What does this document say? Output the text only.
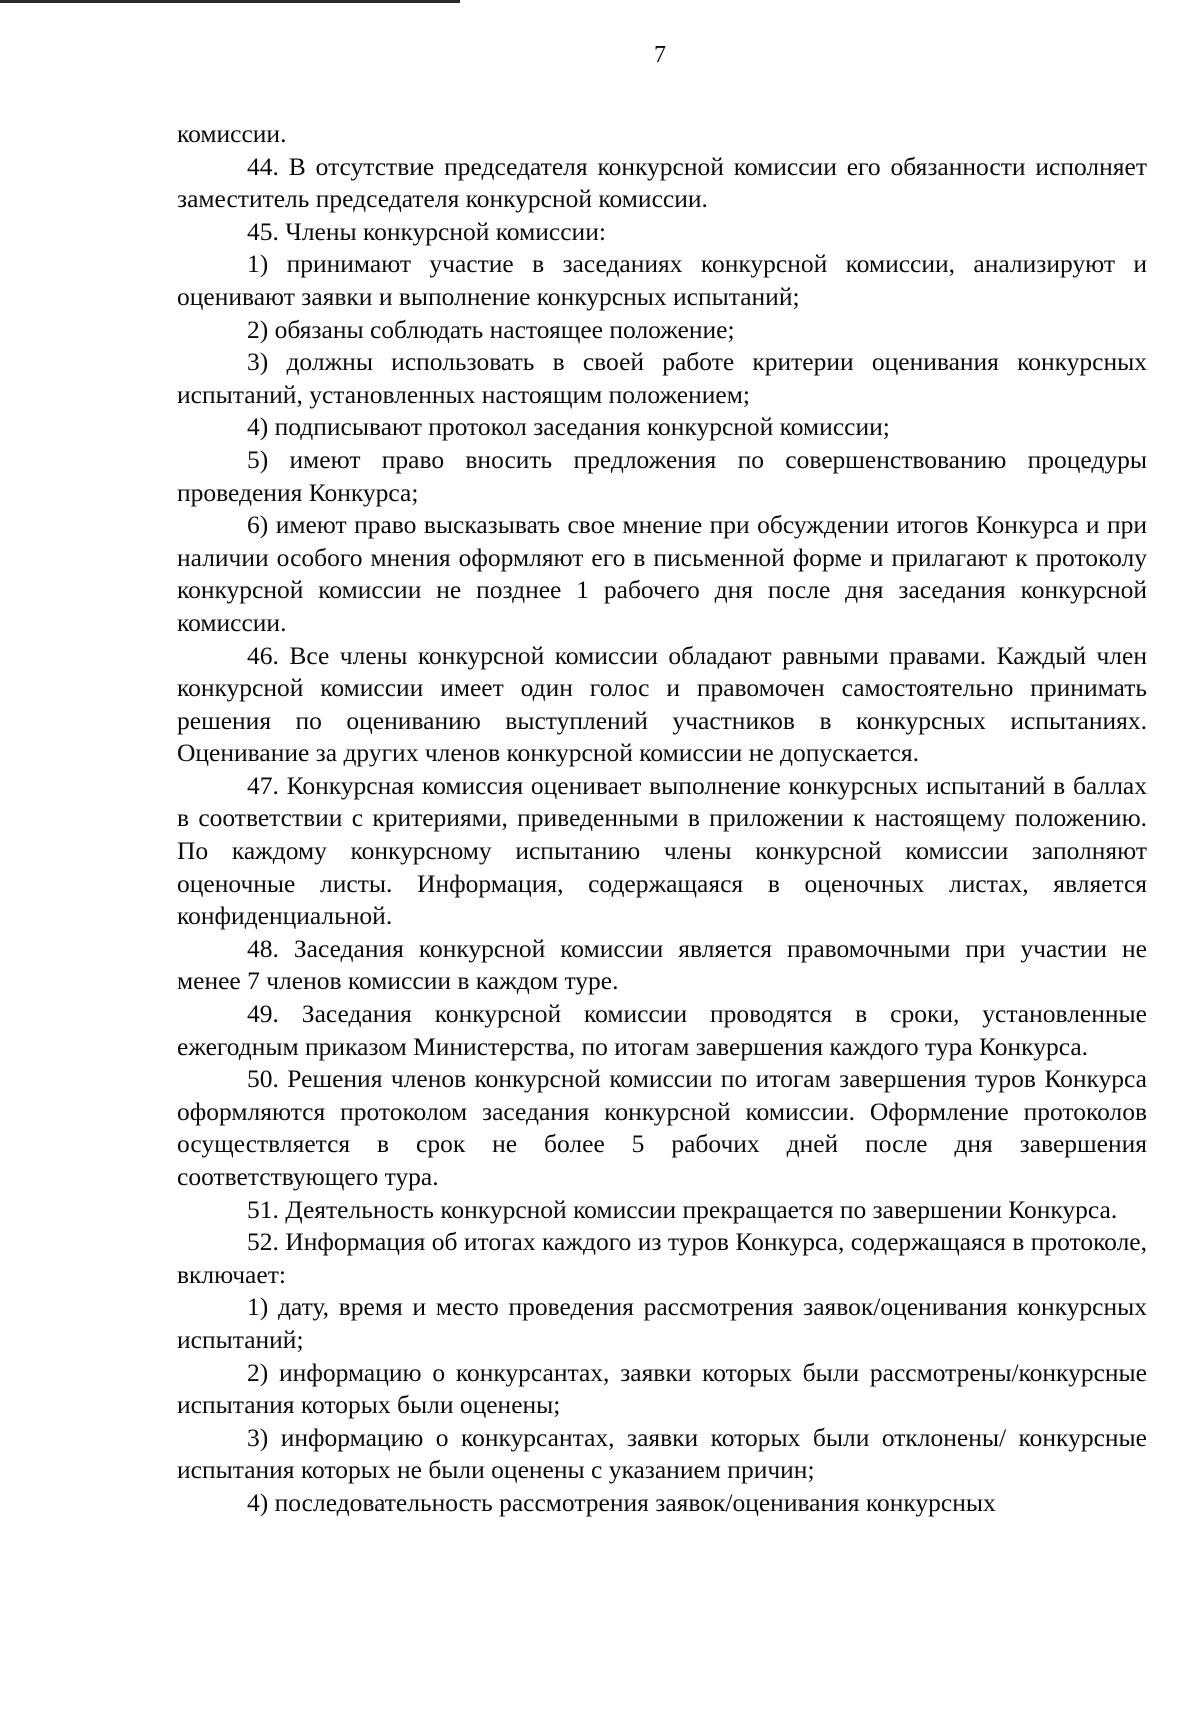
7

комиссии.

44. В отсутствие председателя конкурсной комиссии его обязанности исполняет заместитель председателя конкурсной комиссии.

45. Члены конкурсной комиссии:

1) принимают участие в заседаниях конкурсной комиссии, анализируют и оценивают заявки и выполнение конкурсных испытаний;

2) обязаны соблюдать настоящее положение;

3) должны использовать в своей работе критерии оценивания конкурсных испытаний, установленных настоящим положением;

4) подписывают протокол заседания конкурсной комиссии;

5) имеют право вносить предложения по совершенствованию процедуры проведения Конкурса;

6) имеют право высказывать свое мнение при обсуждении итогов Конкурса и при наличии особого мнения оформляют его в письменной форме и прилагают к протоколу конкурсной комиссии не позднее 1 рабочего дня после дня заседания конкурсной комиссии.

46. Все члены конкурсной комиссии обладают равными правами. Каждый член конкурсной комиссии имеет один голос и правомочен самостоятельно принимать решения по оцениванию выступлений участников в конкурсных испытаниях. Оценивание за других членов конкурсной комиссии не допускается.

47. Конкурсная комиссия оценивает выполнение конкурсных испытаний в баллах в соответствии с критериями, приведенными в приложении к настоящему положению. По каждому конкурсному испытанию члены конкурсной комиссии заполняют оценочные листы. Информация, содержащаяся в оценочных листах, является конфиденциальной.

48. Заседания конкурсной комиссии является правомочными при участии не менее 7 членов комиссии в каждом туре.

49. Заседания конкурсной комиссии проводятся в сроки, установленные ежегодным приказом Министерства, по итогам завершения каждого тура Конкурса.

50. Решения членов конкурсной комиссии по итогам завершения туров Конкурса оформляются протоколом заседания конкурсной комиссии. Оформление протоколов осуществляется в срок не более 5 рабочих дней после дня завершения соответствующего тура.

51. Деятельность конкурсной комиссии прекращается по завершении Конкурса.

52. Информация об итогах каждого из туров Конкурса, содержащаяся в протоколе, включает:

1) дату, время и место проведения рассмотрения заявок/оценивания конкурсных испытаний;

2) информацию о конкурсантах, заявки которых были рассмотрены/конкурсные испытания которых были оценены;

3) информацию о конкурсантах, заявки которых были отклонены/ конкурсные испытания которых не были оценены с указанием причин;

4) последовательность рассмотрения заявок/оценивания конкурсных
